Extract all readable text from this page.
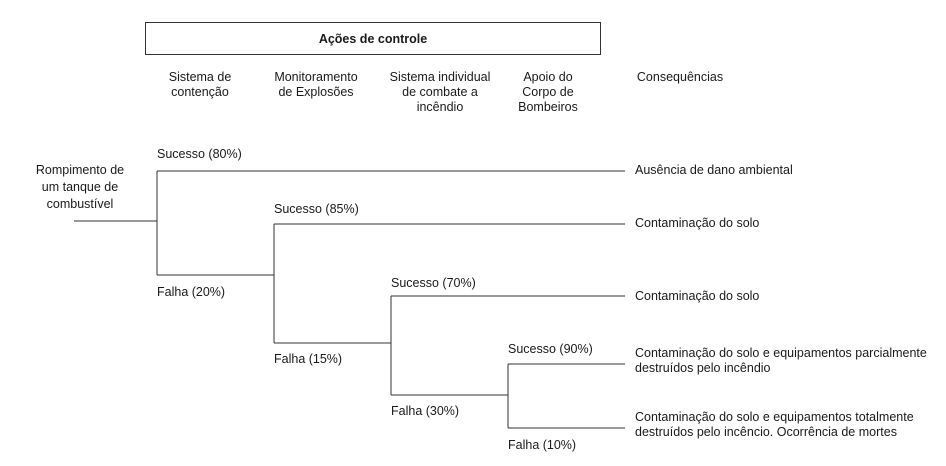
Ações de controle
Sistema de
contenção
Monitoramento
de Explosões
Sistema individual
de combate a
incêndio
Apoio do
Corpo de
Bombeiros
Consequências
Rompimento de
um tanque de
combustível
Sucesso (80%)
Falha (20%)
Sucesso (85%)
Falha (15%)
Sucesso (70%)
Falha (30%)
Sucesso (90%)
Falha (10%)
Ausência de dano ambiental
Contaminação do solo
Contaminação do solo
Contaminação do solo e equipamentos parcialmente
destruídos pelo incêndio
Contaminação do solo e equipamentos totalmente
destruídos pelo incêncio. Ocorrência de mortes
